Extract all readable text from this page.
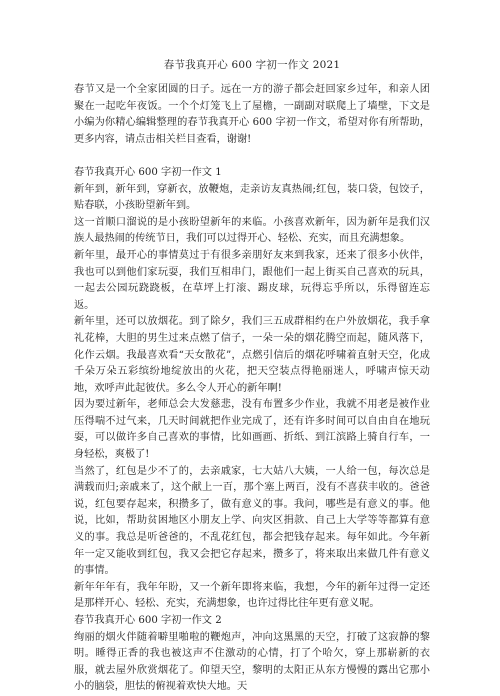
春节我真开心 600 字初一作文 2021

春节又是一个全家团圆的日子。远在一方的游子都会赶回家乡过年，和亲人团聚在一起吃年夜饭。一个个灯笼飞上了屋檐，一副副对联爬上了墙壁，下文是小编为你精心编辑整理的春节我真开心 600 字初一作文，希望对你有所帮助，更多内容，请点击相关栏目查看，谢谢!

春节我真开心 600 字初一作文 1

新年到，新年到，穿新衣，放鞭炮，走亲访友真热闹;红包，装口袋，包饺子，贴春联，小孩盼望新年到。

这一首顺口溜说的是小孩盼望新年的来临。小孩喜欢新年，因为新年是我们汉族人最热闹的传统节日，我们可以过得开心、轻松、充实，而且充满想象。

新年里，最开心的事情莫过于有很多亲朋好友来到我家，还来了很多小伙伴，我也可以到他们家玩耍，我们互相串门，跟他们一起上街买自己喜欢的玩具，一起去公园玩跷跷板，在草坪上打滚、踢皮球，玩得忘乎所以，乐得留连忘返。

新年里，还可以放烟花。到了除夕，我们三五成群相约在户外放烟花，我手拿礼花棒，大胆的男生过来点燃了信子，一朵一朵的烟花腾空而起，随风落下，化作云烟。我最喜欢看“天女散花”，点燃引信后的烟花呼啸着直射天空，化成千朵万朵五彩缤纷地绽放出的火花，把天空装点得艳丽迷人，呼啸声惊天动地，欢呼声此起彼伏。多么令人开心的新年啊!

因为要过新年，老师总会大发慈悲，没有布置多少作业，我就不用老是被作业压得喘不过气来，几天时间就把作业完成了，还有许多时间可以自由自在地玩耍，可以做许多自己喜欢的事情，比如画画、折纸、到江滨路上骑自行车，一身轻松，爽极了!

当然了，红包是少不了的，去亲戚家，七大姑八大姨，一人给一包，每次总是满载而归;亲戚来了，这个献上一百，那个塞上两百，没有不喜获丰收的。爸爸说，红包要存起来，积攒多了，做有意义的事。我问，哪些是有意义的事。他说，比如，帮助贫困地区小朋友上学、向灾区捐款、自己上大学等等都算有意义的事。我总是听爸爸的，不乱花红包，都会把钱存起来。每年如此。今年新年一定又能收到红包，我又会把它存起来，攒多了，将来取出来做几件有意义的事情。

新年年年有，我年年盼，又一个新年即将来临，我想，今年的新年过得一定还是那样开心、轻松、充实，充满想象，也许过得比往年更有意义呢。

春节我真开心 600 字初一作文 2

绚丽的烟火伴随着噼里啪啦的鞭炮声，冲向这黑黑的天空，打破了这寂静的黎明。睡得正香的我也被这声不住激动的心情，打了个哈欠，穿上那崭新的衣服，就去屋外欣赏烟花了。仰望天空，黎明的太阳正从东方慢慢的露出它那小小的脑袋，胆怯的俯视着欢快大地。天
